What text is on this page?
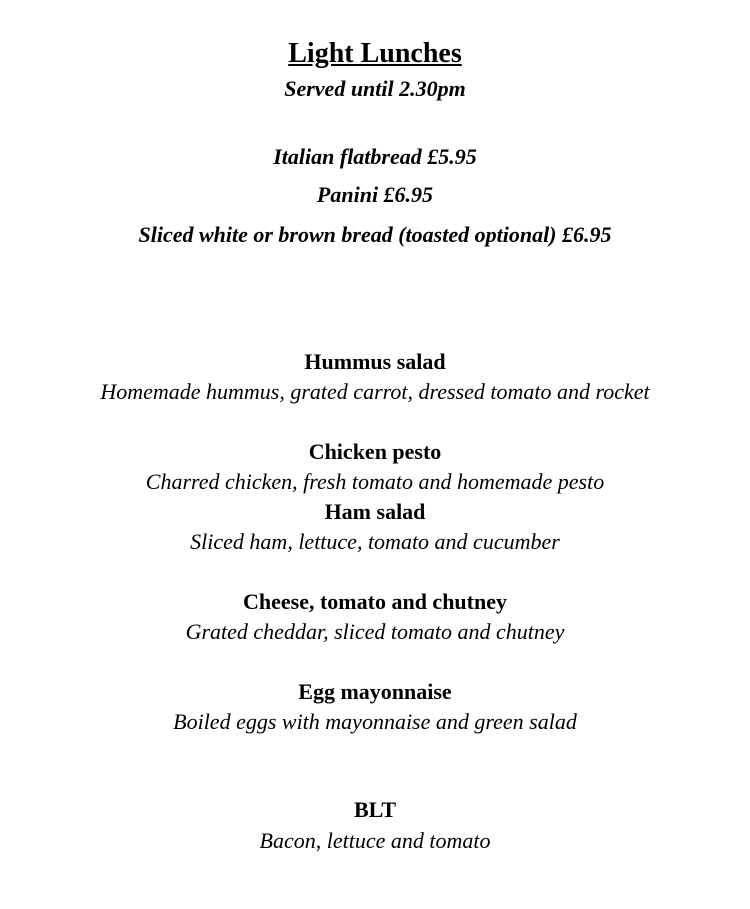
Light Lunches
Served until 2.30pm
Italian flatbread £5.95
Panini £6.95
Sliced white or brown bread (toasted optional) £6.95
Hummus salad
Homemade hummus, grated carrot, dressed tomato and rocket
Chicken pesto
Charred chicken, fresh tomato and homemade pesto
Ham salad
Sliced ham, lettuce, tomato and cucumber
Cheese, tomato and chutney
Grated cheddar, sliced tomato and chutney
Egg mayonnaise
Boiled eggs with mayonnaise and green salad
BLT
Bacon, lettuce and tomato
